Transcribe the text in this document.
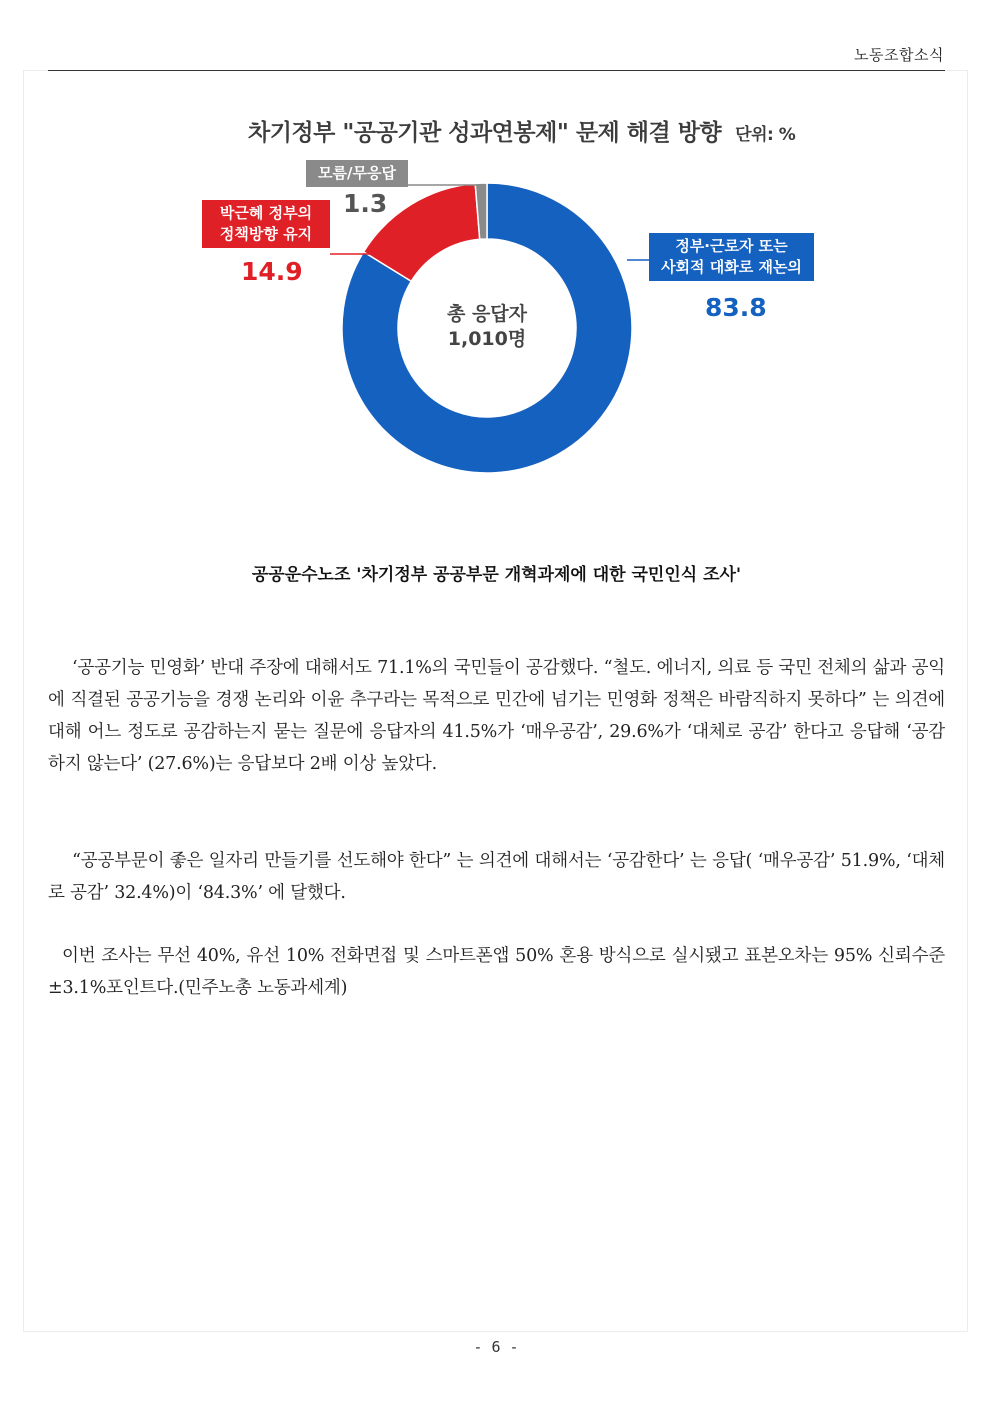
노동조합소식
차기정부 "공공기관 성과연봉제" 문제 해결 방향 단위: %
모름/무응답
1.3
박근혜 정부의
정책방향 유지
14.9
정부·근로자 또는
사회적 대화로 재논의
83.8
총 응답자
1,010명
공공운수노조 '차기정부 공공부문 개혁과제에 대한 국민인식 조사'

‘공공기능 민영화’ 반대 주장에 대해서도 71.1%의 국민들이 공감했다. “철도. 에너지, 의료 등 국민 전체의 삶과 공익에 직결된 공공기능을 경쟁 논리와 이윤 추구라는 목적으로 민간에 넘기는 민영화 정책은 바람직하지 못하다” 는 의견에 대해 어느 정도로 공감하는지 묻는 질문에 응답자의 41.5%가 ‘매우공감’, 29.6%가 ‘대체로 공감’ 한다고 응답해 ‘공감하지 않는다’ (27.6%)는 응답보다 2배 이상 높았다.

“공공부문이 좋은 일자리 만들기를 선도해야 한다” 는 의견에 대해서는 ‘공감한다’ 는 응답( ‘매우공감’ 51.9%, ‘대체로 공감’ 32.4%)이 ‘84.3%’ 에 달했다.

이번 조사는 무선 40%, 유선 10% 전화면접 및 스마트폰앱 50% 혼용 방식으로 실시됐고 표본오차는 95% 신뢰수준 ±3.1%포인트다.(민주노총 노동과세계)

- 6 -
